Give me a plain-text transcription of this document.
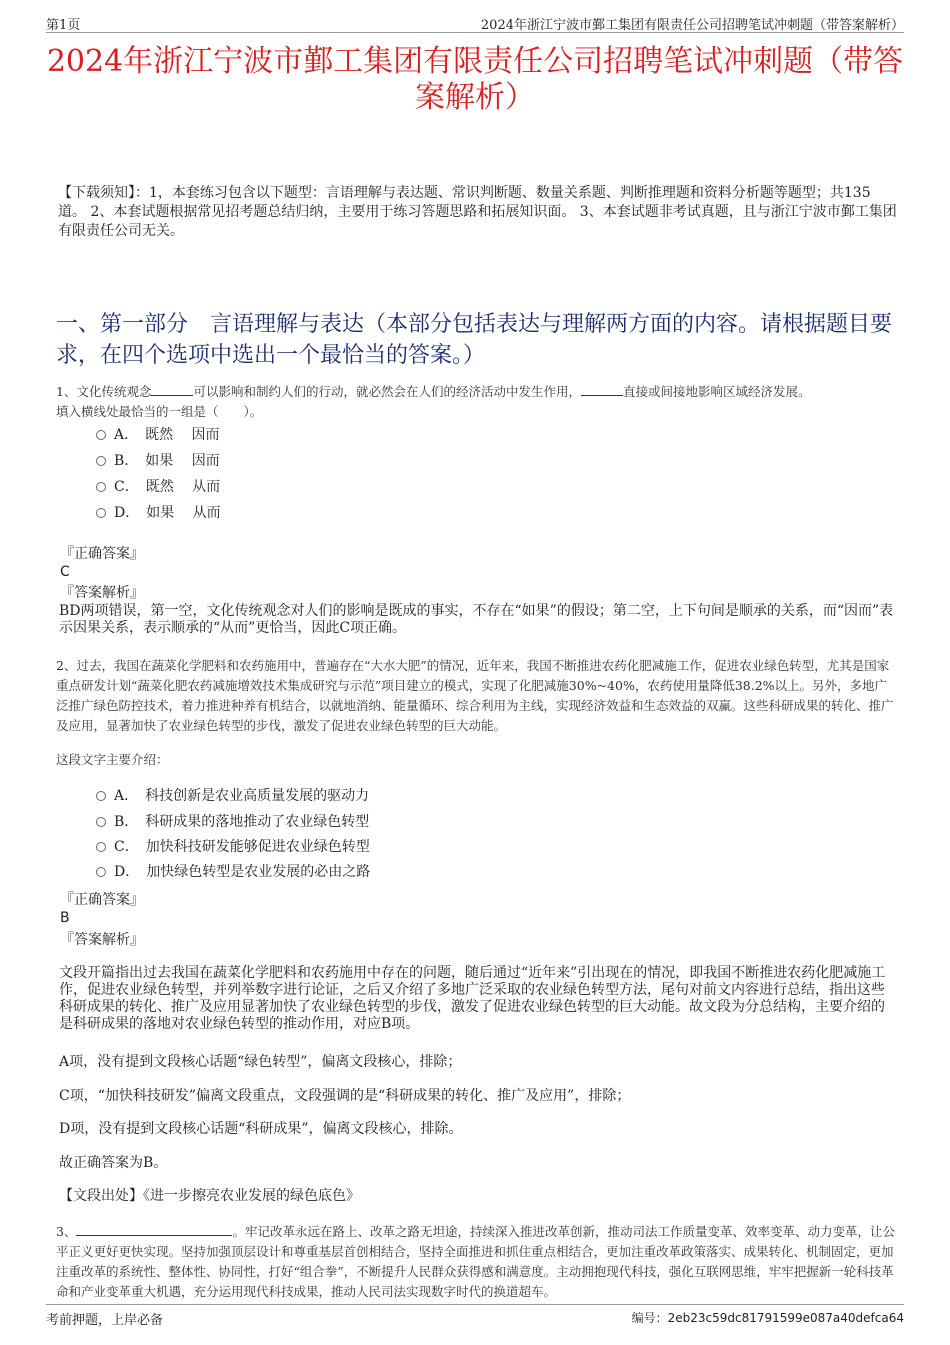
第1页	2024年浙江宁波市鄞工集团有限责任公司招聘笔试冲刺题（带答案解析）
2024年浙江宁波市鄞工集团有限责任公司招聘笔试冲刺题（带答案解析）
【下载须知】：1，本套练习包含以下题型：言语理解与表达题、常识判断题、数量关系题、判断推理题和资料分析题等题型；共135道。 2、本套试题根据常见招考题总结归纳，主要用于练习答题思路和拓展知识面。 3、本套试题非考试真题，且与浙江宁波市鄞工集团有限责任公司无关。
一、第一部分　言语理解与表达（本部分包括表达与理解两方面的内容。请根据题目要求，在四个选项中选出一个最恰当的答案。）
1、文化传统观念	可以影响和制约人们的行动，就必然会在人们的经济活动中发生作用，	直接或间接地影响区域经济发展。
填入横线处最恰当的一组是（　　）。
A．　既然　 因而
B．　如果　 因而
C．　既然　 从而
D．　如果　 从而
『正确答案』
C
『答案解析』
BD两项错误，第一空，文化传统观念对人们的影响是既成的事实，不存在“如果”的假设；第二空，上下句间是顺承的关系，而“因而”表示因果关系，表示顺承的“从而”更恰当，因此C项正确。
2、过去，我国在蔬菜化学肥料和农药施用中，普遍存在“大水大肥”的情况，近年来，我国不断推进农药化肥减施工作，促进农业绿色转型，尤其是国家重点研发计划“蔬菜化肥农药减施增效技术集成研究与示范”项目建立的模式，实现了化肥减施30%~40%，农药使用量降低38.2%以上。另外，多地广泛推广绿色防控技术，着力推进种养有机结合，以就地消纳、能量循环、综合利用为主线，实现经济效益和生态效益的双赢。这些科研成果的转化、推广及应用，显著加快了农业绿色转型的步伐，激发了促进农业绿色转型的巨大动能。
这段文字主要介绍：
A．　科技创新是农业高质量发展的驱动力
B．　科研成果的落地推动了农业绿色转型
C．　加快科技研发能够促进农业绿色转型
D．　加快绿色转型是农业发展的必由之路
『正确答案』
B
『答案解析』
文段开篇指出过去我国在蔬菜化学肥料和农药施用中存在的问题，随后通过“近年来”引出现在的情况，即我国不断推进农药化肥减施工作，促进农业绿色转型，并列举数字进行论证，之后又介绍了多地广泛采取的农业绿色转型方法，尾句对前文内容进行总结，指出这些科研成果的转化、推广及应用显著加快了农业绿色转型的步伐，激发了促进农业绿色转型的巨大动能。故文段为分总结构，主要介绍的是科研成果的落地对农业绿色转型的推动作用，对应B项。
A项，没有提到文段核心话题“绿色转型”，偏离文段核心，排除；
C项，“加快科技研发”偏离文段重点，文段强调的是“科研成果的转化、推广及应用”，排除；
D项，没有提到文段核心话题“科研成果”，偏离文段核心，排除。
故正确答案为B。
【文段出处】《进一步擦亮农业发展的绿色底色》
3、	。牢记改革永远在路上、改革之路无坦途，持续深入推进改革创新，推动司法工作质量变革、效率变革、动力变革，让公平正义更好更快实现。坚持加强顶层设计和尊重基层首创相结合，坚持全面推进和抓住重点相结合，更加注重改革政策落实、成果转化、机制固定，更加注重改革的系统性、整体性、协同性，打好“组合拳”，不断提升人民群众获得感和满意度。主动拥抱现代科技，强化互联网思维，牢牢把握新一轮科技革命和产业变革重大机遇，充分运用现代科技成果，推动人民司法实现数字时代的换道超车。
考前押题，上岸必备	编号：2eb23c59dc81791599e087a40defca64
